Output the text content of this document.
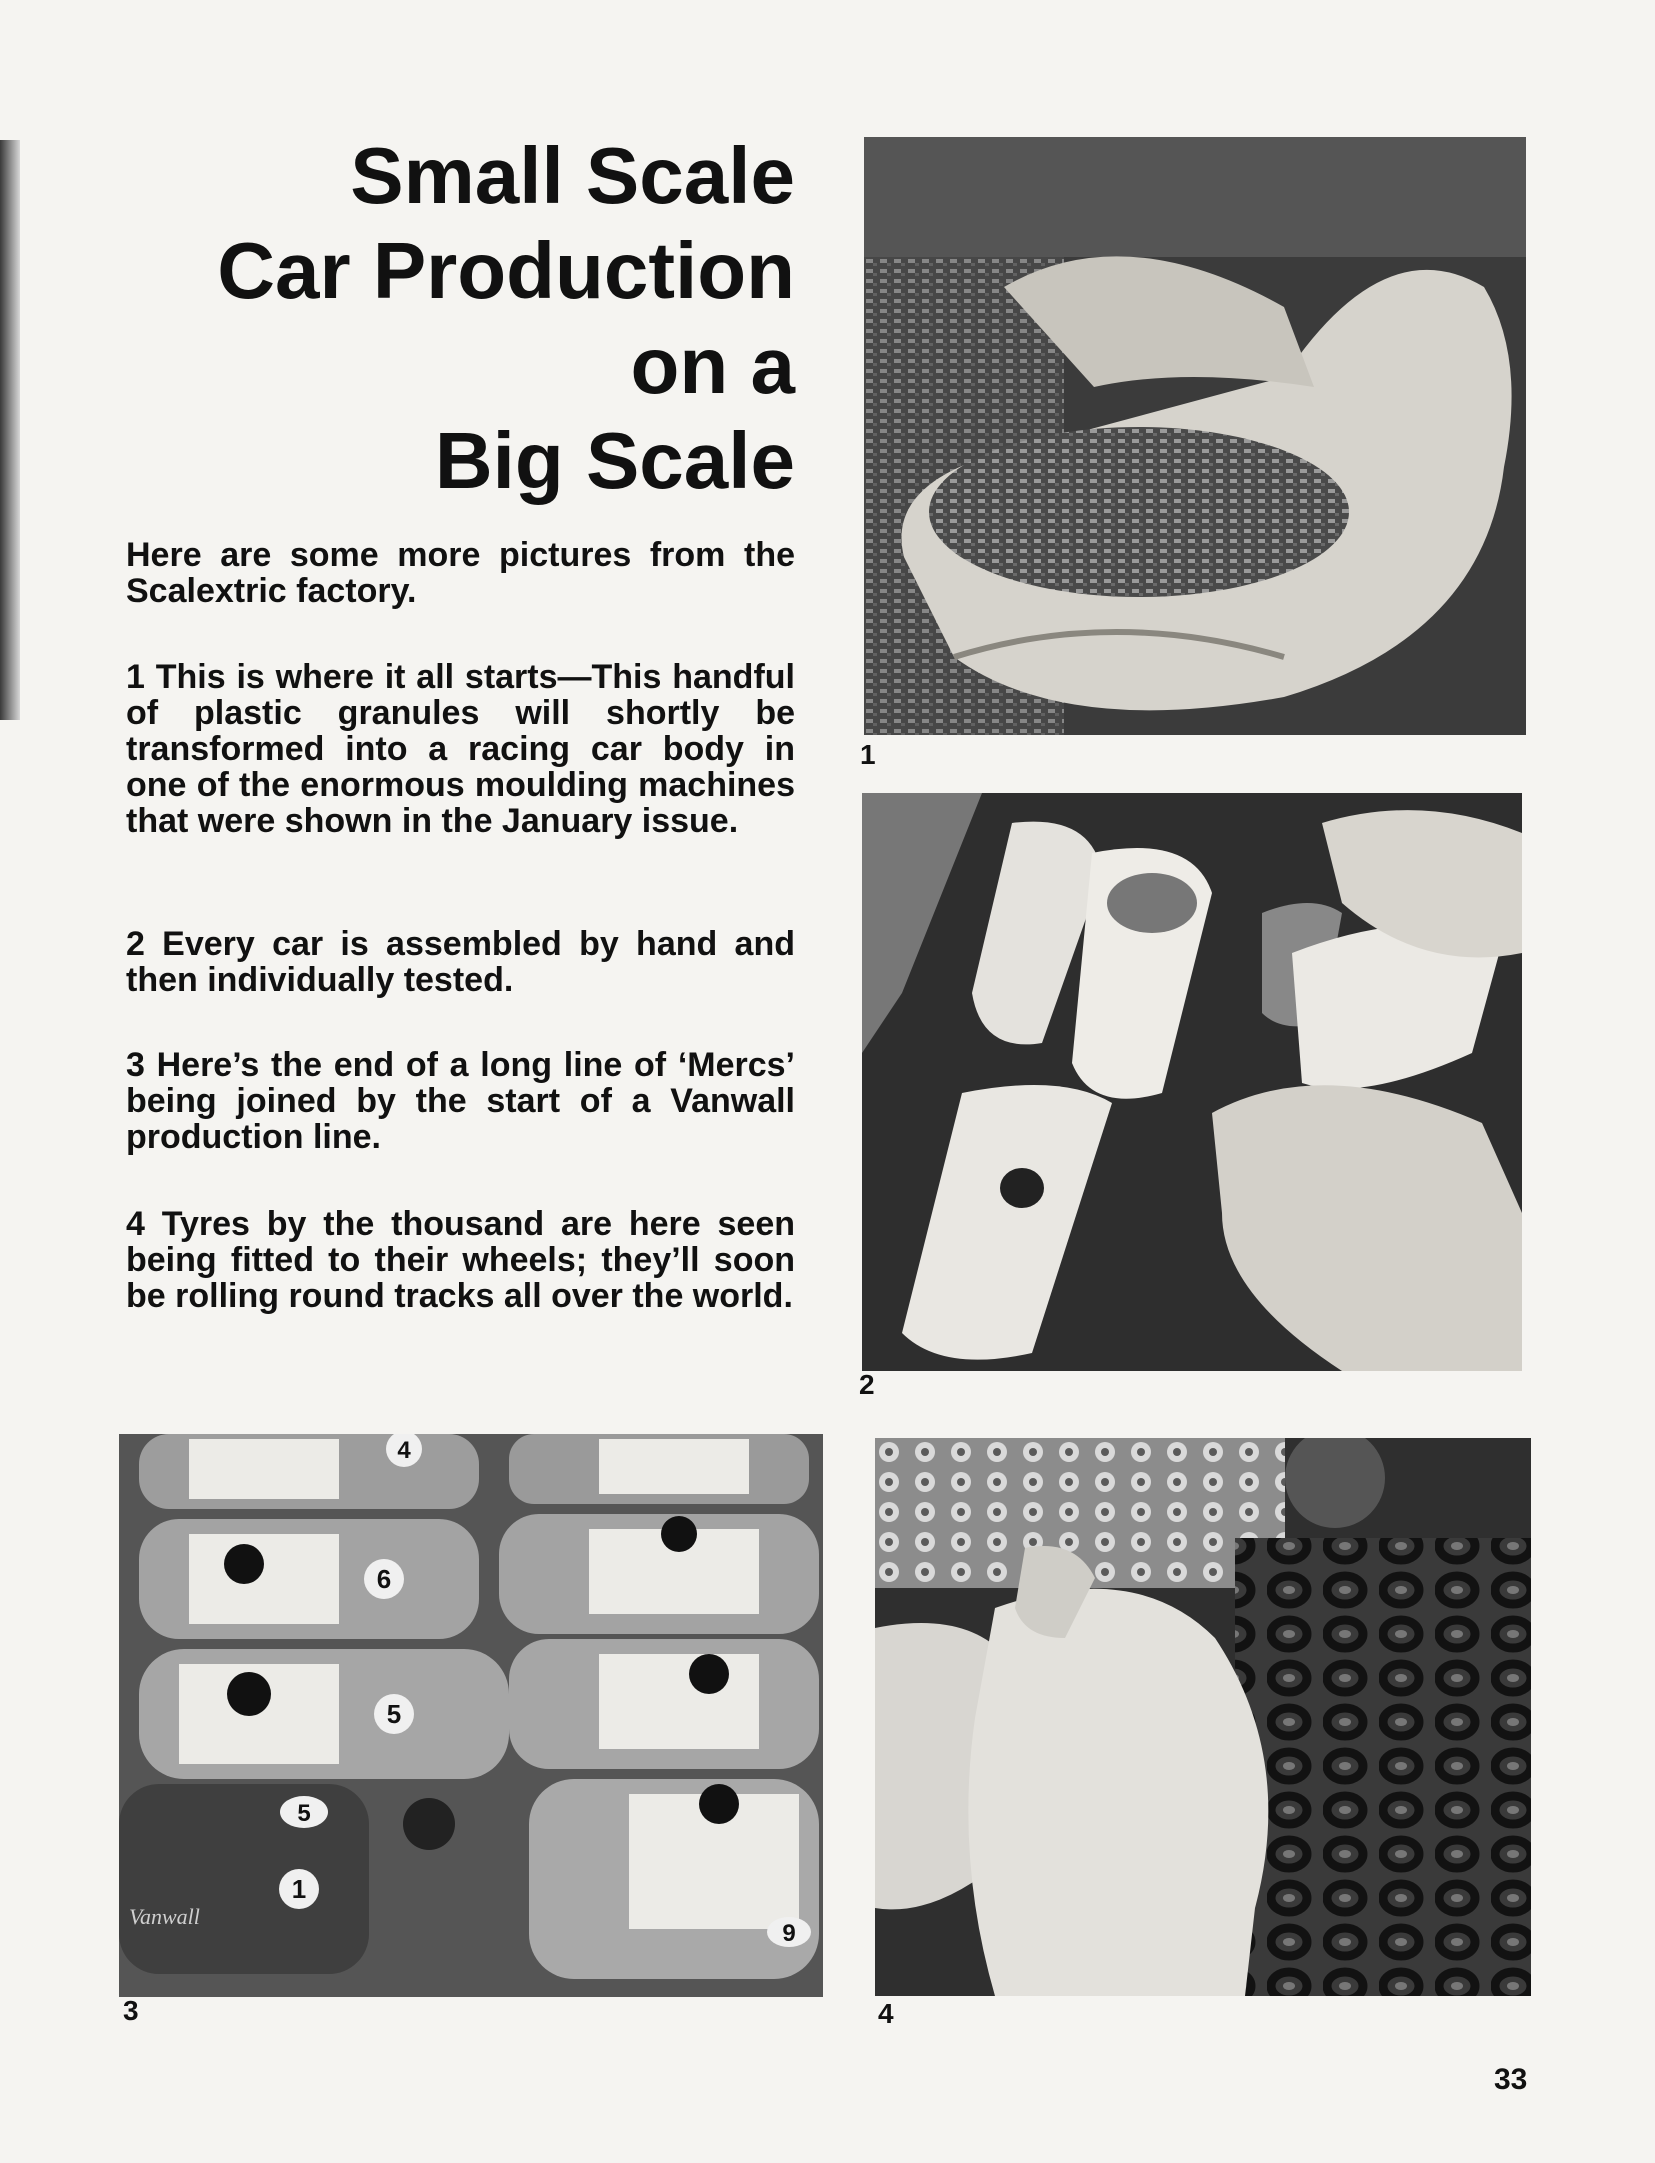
Small Scale
Car Production
on a
Big Scale

Here are some more pictures from the Scalextric factory.

1 This is where it all starts—This handful of plastic granules will shortly be transformed into a racing car body in one of the enormous moulding machines that were shown in the January issue.

2 Every car is assembled by hand and then individually tested.

3 Here’s the end of a long line of ‘Mercs’ being joined by the start of a Vanwall production line.

4 Tyres by the thousand are here seen being fitted to their wheels; they’ll soon be rolling round tracks all over the world.

1
2
4
6
5
5
1
9
Vanwall
3	4
33
